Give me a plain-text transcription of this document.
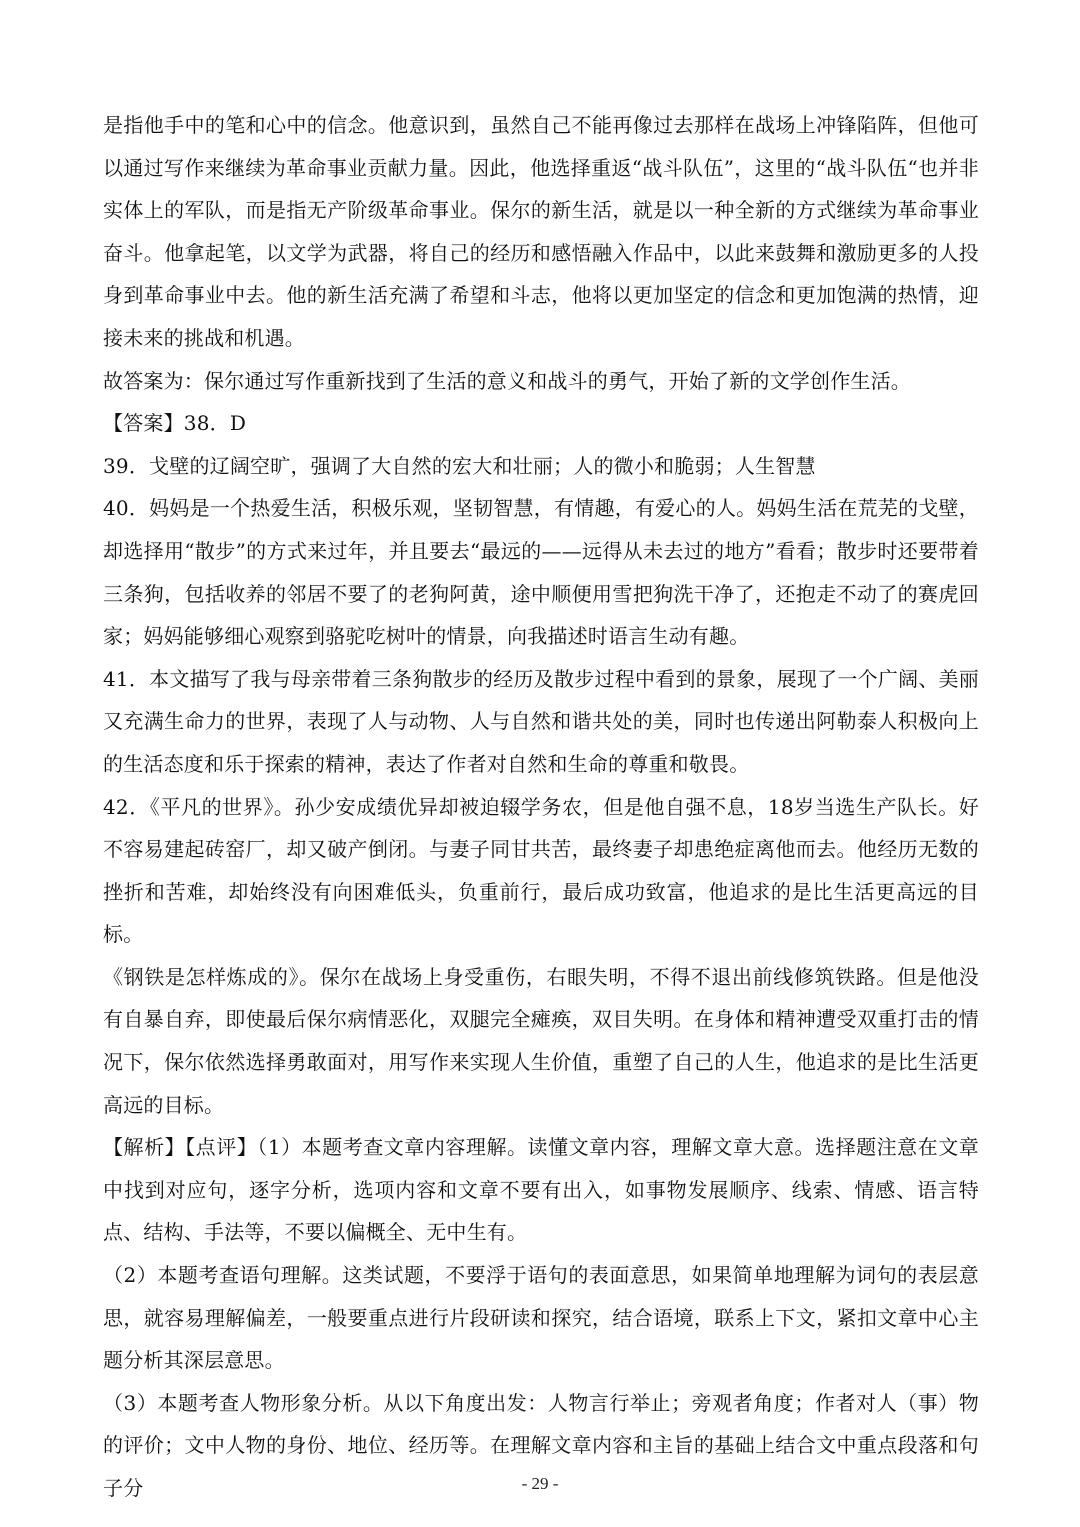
是指他手中的笔和心中的信念。他意识到，虽然自己不能再像过去那样在战场上冲锋陷阵，但他可以通过写作来继续为革命事业贡献力量。因此，他选择重返“战斗队伍”，这里的“战斗队伍“也并非实体上的军队，而是指无产阶级革命事业。保尔的新生活，就是以一种全新的方式继续为革命事业奋斗。他拿起笔，以文学为武器，将自己的经历和感悟融入作品中，以此来鼓舞和激励更多的人投身到革命事业中去。他的新生活充满了希望和斗志，他将以更加坚定的信念和更加饱满的热情，迎接未来的挑战和机遇。

故答案为：保尔通过写作重新找到了生活的意义和战斗的勇气，开始了新的文学创作生活。

【答案】38．D

39．戈壁的辽阔空旷，强调了大自然的宏大和壮丽；人的微小和脆弱；人生智慧

40．妈妈是一个热爱生活，积极乐观，坚韧智慧，有情趣，有爱心的人。妈妈生活在荒芜的戈壁，却选择用“散步”的方式来过年，并且要去“最远的——远得从未去过的地方”看看；散步时还要带着三条狗，包括收养的邻居不要了的老狗阿黄，途中顺便用雪把狗洗干净了，还抱走不动了的赛虎回家；妈妈能够细心观察到骆驼吃树叶的情景，向我描述时语言生动有趣。

41．本文描写了我与母亲带着三条狗散步的经历及散步过程中看到的景象，展现了一个广阔、美丽又充满生命力的世界，表现了人与动物、人与自然和谐共处的美，同时也传递出阿勒泰人积极向上的生活态度和乐于探索的精神，表达了作者对自然和生命的尊重和敬畏。

42．《平凡的世界》。孙少安成绩优异却被迫辍学务农，但是他自强不息，18岁当选生产队长。好不容易建起砖窑厂，却又破产倒闭。与妻子同甘共苦，最终妻子却患绝症离他而去。他经历无数的挫折和苦难，却始终没有向困难低头，负重前行，最后成功致富，他追求的是比生活更高远的目标。

《钢铁是怎样炼成的》。保尔在战场上身受重伤，右眼失明，不得不退出前线修筑铁路。但是他没有自暴自弃，即使最后保尔病情恶化，双腿完全瘫痪，双目失明。在身体和精神遭受双重打击的情况下，保尔依然选择勇敢面对，用写作来实现人生价值，重塑了自己的人生，他追求的是比生活更高远的目标。

【解析】【点评】（1）本题考查文章内容理解。读懂文章内容，理解文章大意。选择题注意在文章中找到对应句，逐字分析，选项内容和文章不要有出入，如事物发展顺序、线索、情感、语言特点、结构、手法等，不要以偏概全、无中生有。

（2）本题考查语句理解。这类试题，不要浮于语句的表面意思，如果简单地理解为词句的表层意思，就容易理解偏差，一般要重点进行片段研读和探究，结合语境，联系上下文，紧扣文章中心主题分析其深层意思。

（3）本题考查人物形象分析。从以下角度出发：人物言行举止；旁观者角度；作者对人（事）物的评价；文中人物的身份、地位、经历等。在理解文章内容和主旨的基础上结合文中重点段落和句子分	- 29 -
